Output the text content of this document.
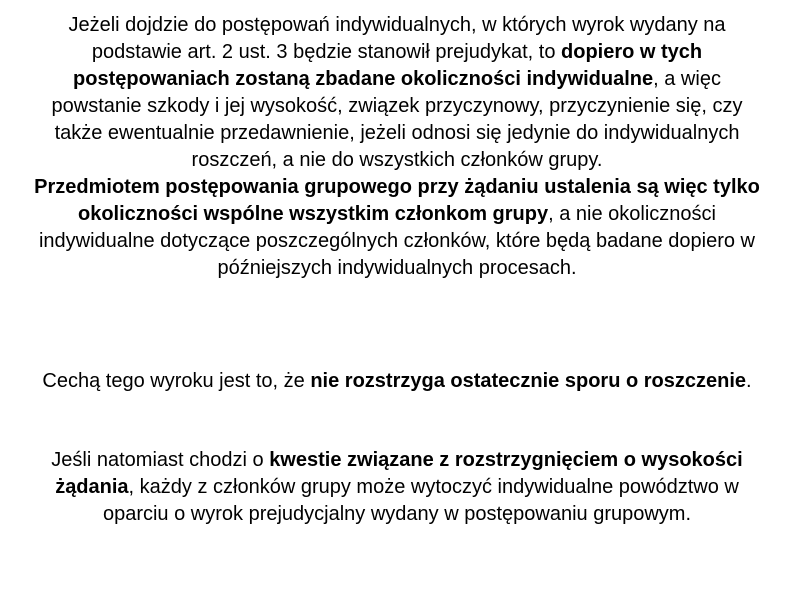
Jeżeli dojdzie do postępowań indywidualnych, w których wyrok wydany na podstawie art. 2 ust. 3 będzie stanowił prejudykat, to dopiero w tych postępowaniach zostaną zbadane okoliczności indywidualne, a więc powstanie szkody i jej wysokość, związek przyczynowy, przyczynienie się, czy także ewentualnie przedawnienie, jeżeli odnosi się jedynie do indywidualnych roszczeń, a nie do wszystkich członków grupy.
Przedmiotem postępowania grupowego przy żądaniu ustalenia są więc tylko okoliczności wspólne wszystkim członkom grupy, a nie okoliczności indywidualne dotyczące poszczególnych członków, które będą badane dopiero w późniejszych indywidualnych procesach.

Cechą tego wyroku jest to, że nie rozstrzyga ostatecznie sporu o roszczenie.

Jeśli natomiast chodzi o kwestie związane z rozstrzygnięciem o wysokości żądania, każdy z członków grupy może wytoczyć indywidualne powództwo w oparciu o wyrok prejudycjalny wydany w postępowaniu grupowym.
